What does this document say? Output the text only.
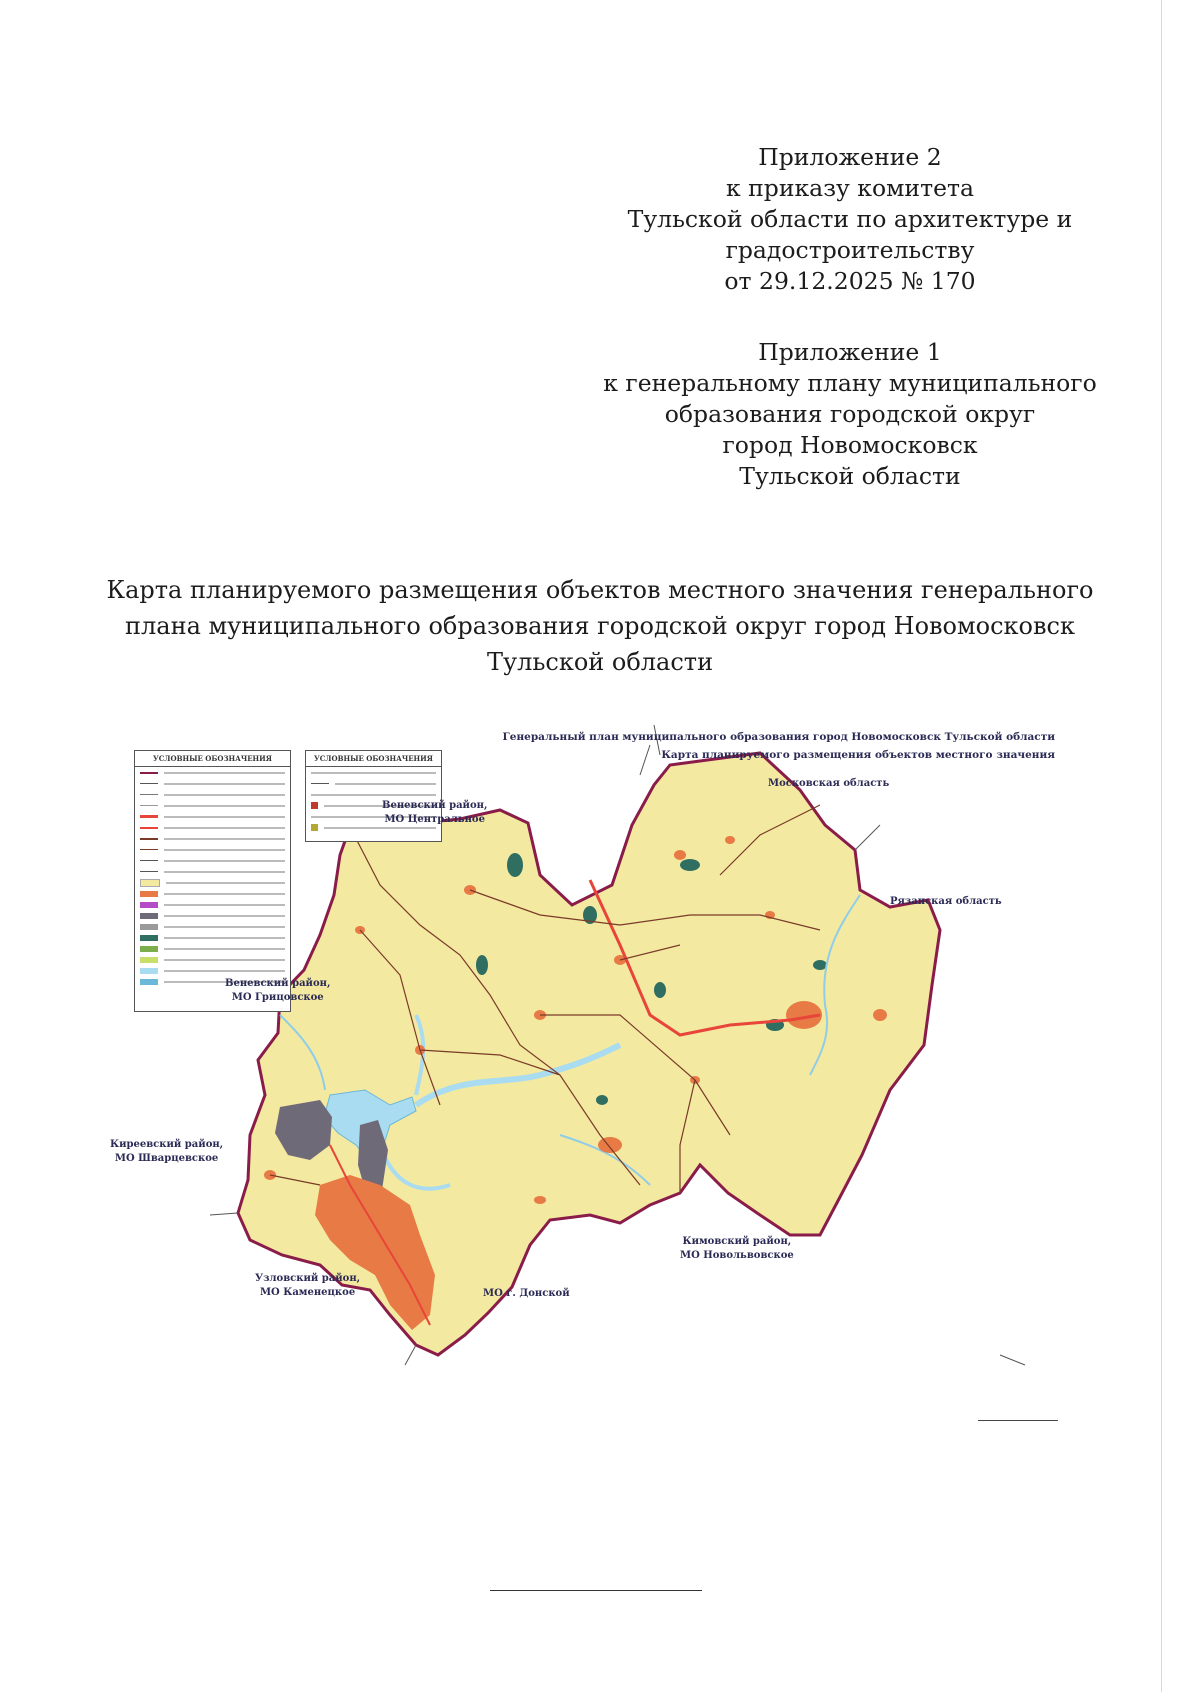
Приложение 2
к приказу комитета
Тульской области по архитектуре и
градостроительству
от 29.12.2025 № 170
Приложение 1
к генеральному плану муниципального
образования городской округ
город Новомосковск
Тульской области
Карта планируемого размещения объектов местного значения генерального
плана муниципального образования городской округ город Новомосковск
Тульской области
Генеральный план муниципального образования город Новомосковск Тульской области
Карта планируемого размещения объектов местного значения
УСЛОВНЫЕ ОБОЗНАЧЕНИЯ	УСЛОВНЫЕ ОБОЗНАЧЕНИЯ
Московская область
Рязанская область
Веневский район,
МО Центральное
Веневский район,
МО Грицовское
Киреевский район,
МО Шварцевское
Узловский район,
МО Каменецкое	МО г. Донской
Кимовский район,
МО Новольвовское
